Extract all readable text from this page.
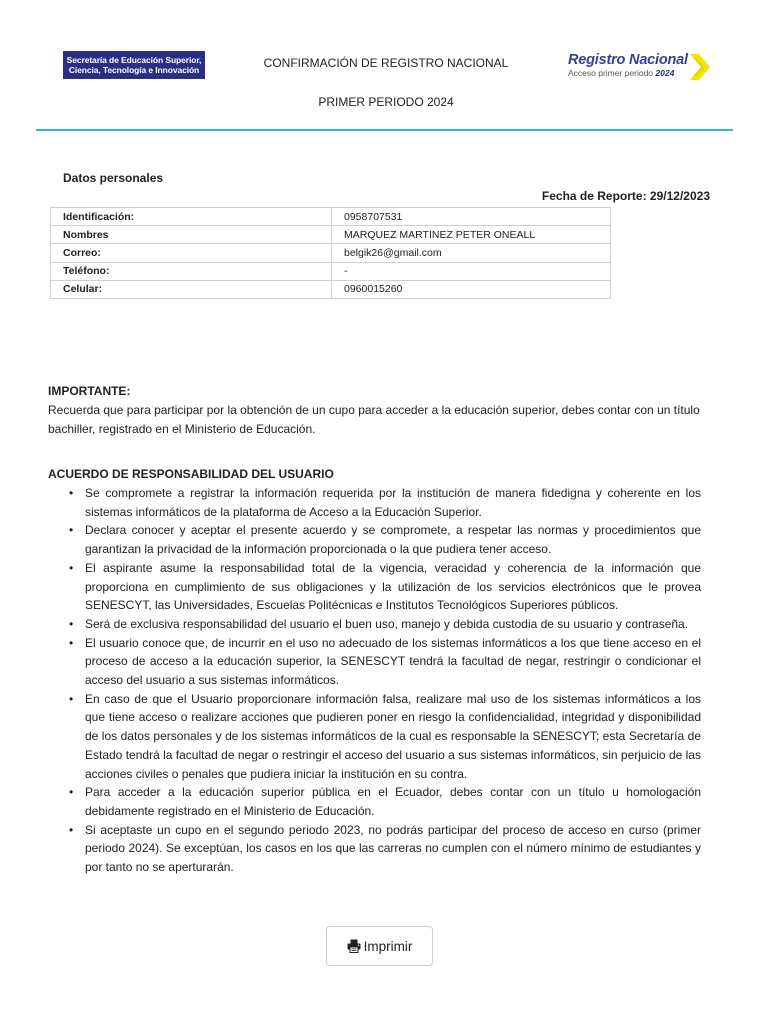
Secretaría de Educación Superior,
Ciencia, Tecnología e Innovación	CONFIRMACIÓN DE REGISTRO NACIONAL
PRIMER PERIODO 2024
Registro Nacional
Acceso primer periodo 2024
Datos personales
Fecha de Reporte: 29/12/2023
Identificación:	0958707531
Nombres	MARQUEZ MARTINEZ PETER ONEALL
Correo:	belgik26@gmail.com
Teléfono:	-
Celular:	0960015260
IMPORTANTE:
Recuerda que para participar por la obtención de un cupo para acceder a la educación superior, debes contar con un título bachiller, registrado en el Ministerio de Educación.
ACUERDO DE RESPONSABILIDAD DEL USUARIO
• Se compromete a registrar la información requerida por la institución de manera fidedigna y coherente en los sistemas informáticos de la plataforma de Acceso a la Educación Superior.
• Declara conocer y aceptar el presente acuerdo y se compromete, a respetar las normas y procedimientos que garantizan la privacidad de la información proporcionada o la que pudiera tener acceso.
• El aspirante asume la responsabilidad total de la vigencia, veracidad y coherencia de la información que proporciona en cumplimiento de sus obligaciones y la utilización de los servicios electrónicos que le provea SENESCYT, las Universidades, Escuelas Politécnicas e Institutos Tecnológicos Superiores públicos.
• Será de exclusiva responsabilidad del usuario el buen uso, manejo y debida custodia de su usuario y contraseña.
• El usuario conoce que, de incurrir en el uso no adecuado de los sistemas informáticos a los que tiene acceso en el proceso de acceso a la educación superior, la SENESCYT tendrá la facultad de negar, restringir o condicionar el acceso del usuario a sus sistemas informáticos.
• En caso de que el Usuario proporcionare información falsa, realizare mal uso de los sistemas informáticos a los que tiene acceso o realizare acciones que pudieren poner en riesgo la confidencialidad, integridad y disponibilidad de los datos personales y de los sistemas informáticos de la cual es responsable la SENESCYT; esta Secretaría de Estado tendrá la facultad de negar o restringir el acceso del usuario a sus sistemas informáticos, sin perjuicio de las acciones civiles o penales que pudiera iniciar la institución en su contra.
• Para acceder a la educación superior pública en el Ecuador, debes contar con un título u homologación debidamente registrado en el Ministerio de Educación.
• Si aceptaste un cupo en el segundo periodo 2023, no podrás participar del proceso de acceso en curso (primer periodo 2024). Se exceptúan, los casos en los que las carreras no cumplen con el número mínimo de estudiantes y por tanto no se aperturarán.
Imprimir
